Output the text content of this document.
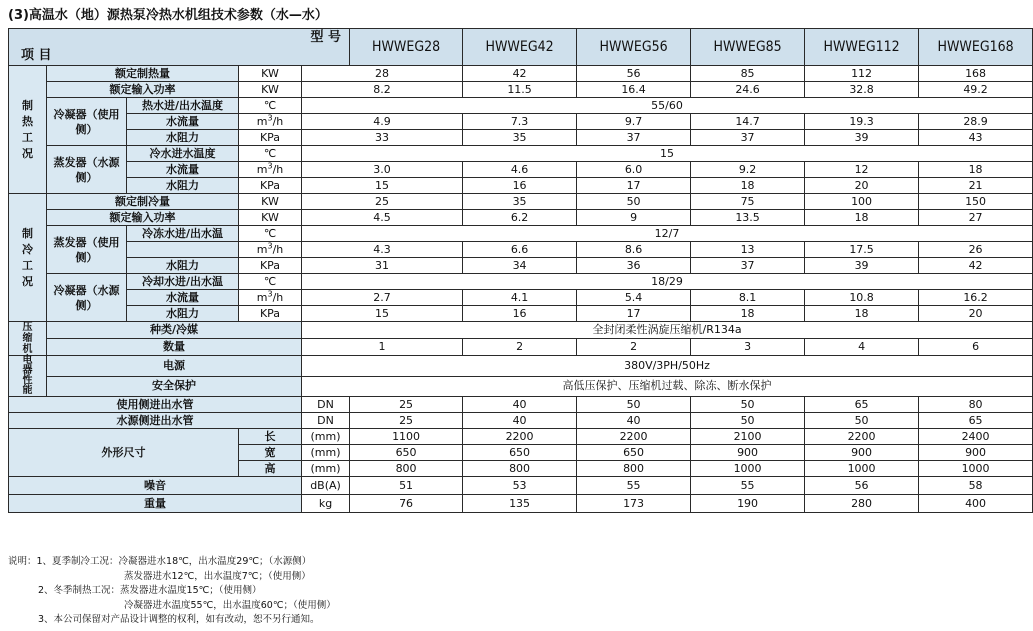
(3)高温水（地）源热泵冷热水机组技术参数（水—水）
型 号
项 目					HWWEG28	HWWEG42	HWWEG56	HWWEG85	HWWEG112	HWWEG168
制热工况	额定制热量		KW	28		42	56	85	112	168
	额定输入功率		KW	8.2		11.5	16.4	24.6	32.8	49.2
	冷凝器（使用侧）	热水进/出水温度	℃	55/60						
		水流量	$m^3/h$	4.9		7.3	9.7	14.7	19.3	28.9
		水阻力	KPa	33		35	37	37	39	43
	蒸发器（水源侧）	冷水进水温度	℃	15						
		水流量	$m^3/h$	3.0		4.6	6.0	9.2	12	18
		水阻力	KPa	15		16	17	18	20	21
制冷工况	额定制冷量		KW	25		35	50	75	100	150
	额定输入功率		KW	4.5		6.2	9	13.5	18	27
	蒸发器（使用侧）	冷冻水进/出水温	℃	12/7						
			$m^3/h$	4.3		6.6	8.6	13	17.5	26
		水阻力	KPa	31		34	36	37	39	42
	冷凝器（水源侧）	冷却水进/出水温	℃	18/29						
		水流量	$m^3/h$	2.7		4.1	5.4	8.1	10.8	16.2
		水阻力	KPa	15		16	17	18	18	20
压缩机	种类/冷媒			全封闭柔性涡旋压缩机/R134a						
	数量			1		2	2	3	4	6
电器性能	电源			380V/3PH/50Hz						
	安全保护			高低压保护、压缩机过载、除冻、断水保护						
使用侧进出水管				DN	25	40	50	50	65	80
水源侧进出水管				DN	25	40	40	50	50	65
外形尺寸			长	(mm)	1100	2200	2200	2100	2200	2400
			宽	(mm)	650	650	650	900	900	900
			高	(mm)	800	800	800	1000	1000	1000
噪音				dB(A)	51	53	55	55	56	58
重量				kg	76	135	173	190	280	400
说明：1、夏季制冷工况：冷凝器进水18℃，出水温度29℃；（水源侧）
蒸发器进水12℃，出水温度7℃；（使用侧）
2、冬季制热工况：蒸发器进水温度15℃；（使用侧）
冷凝器进水温度55℃，出水温度60℃；（使用侧）
3、本公司保留对产品设计调整的权利，如有改动，恕不另行通知。
